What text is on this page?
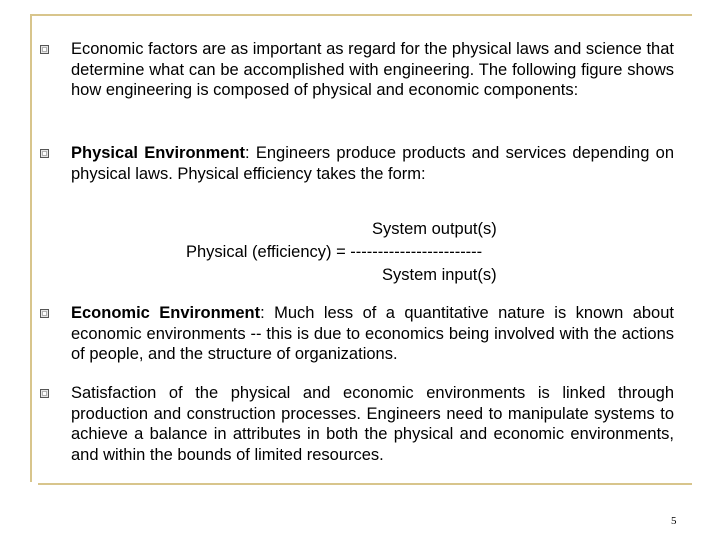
Economic factors are as important as regard for the physical laws and science that determine what can be accomplished with engineering. The following figure shows how engineering is composed of physical and economic components:
Physical Environment: Engineers produce products and services depending on physical laws. Physical efficiency takes the form:
System output(s)
Physical (efficiency) = ------------------------
System input(s)
Economic Environment: Much less of a quantitative nature is known about economic environments -- this is due to economics being involved with the actions of people, and the structure of organizations.
Satisfaction of the physical and economic environments is linked through production and construction processes. Engineers need to manipulate systems to achieve a balance in attributes in both the physical and economic environments, and within the bounds of limited resources.
5
